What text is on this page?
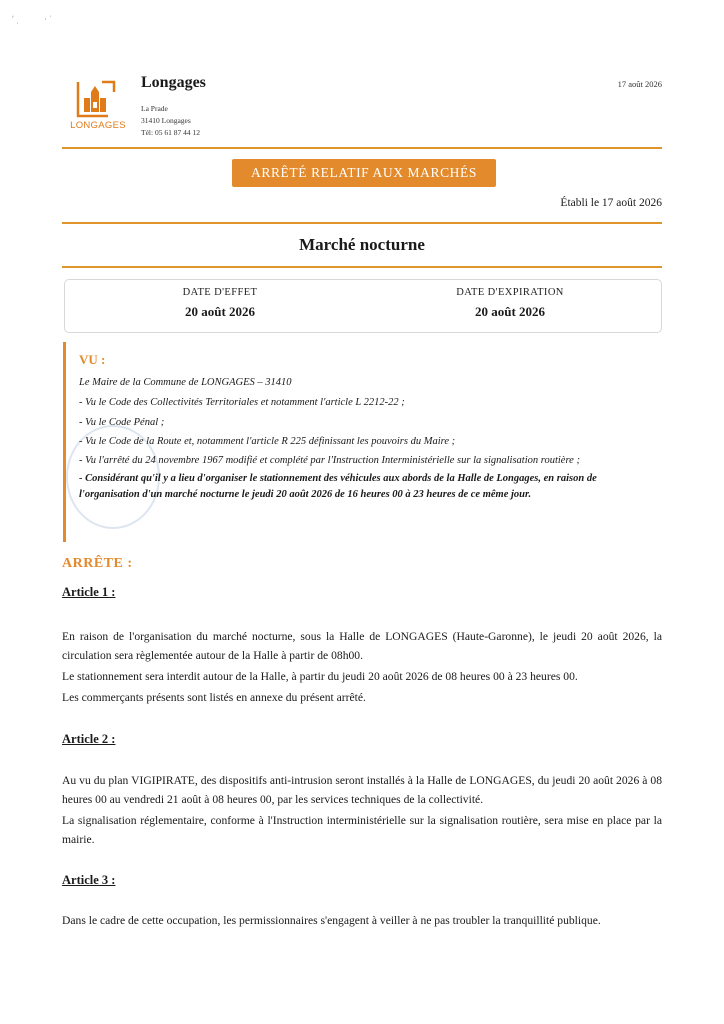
ʹ ˌ	· ˈ
LONGAGES
Longages
La Prade
31410 Longages
Tél: 05 61 87 44 12
17 août 2026
ARRÊTÉ RELATIF AUX MARCHÉS
Établi le 17 août 2026
Marché nocturne
DATE D'EFFET
20 août 2026
DATE D'EXPIRATION
20 août 2026
VU :
Le Maire de la Commune de LONGAGES – 31410
- Vu le Code des Collectivités Territoriales et notamment l'article L 2212-22 ;
- Vu le Code Pénal ;
- Vu le Code de la Route et, notamment l'article R 225 définissant les pouvoirs du Maire ;
- Vu l'arrêté du 24 novembre 1967 modifié et complété par l'Instruction Interministérielle sur la signalisation routière ;
- Considérant qu'il y a lieu d'organiser le stationnement des véhicules aux abords de la Halle de Longages, en raison de
l'organisation d'un marché nocturne le jeudi 20 août 2026 de 16 heures 00 à 23 heures de ce même jour.
ARRÊTE :
Article 1 :
En raison de l'organisation du marché nocturne, sous la Halle de LONGAGES (Haute-Garonne), le jeudi 20 août 2026, la circulation sera règlementée autour de la Halle à partir de 08h00.
Le stationnement sera interdit autour de la Halle, à partir du jeudi 20 août 2026 de 08 heures 00 à 23 heures 00.
Les commerçants présents sont listés en annexe du présent arrêté.
Article 2 :
Au vu du plan VIGIPIRATE, des dispositifs anti-intrusion seront installés à la Halle de LONGAGES, du jeudi 20 août 2026 à 08 heures 00 au vendredi 21 août à 08 heures 00, par les services techniques de la collectivité.
La signalisation réglementaire, conforme à l'Instruction interministérielle sur la signalisation routière, sera mise en place par la mairie.
Article 3 :
Dans le cadre de cette occupation, les permissionnaires s'engagent à veiller à ne pas troubler la tranquillité publique.
